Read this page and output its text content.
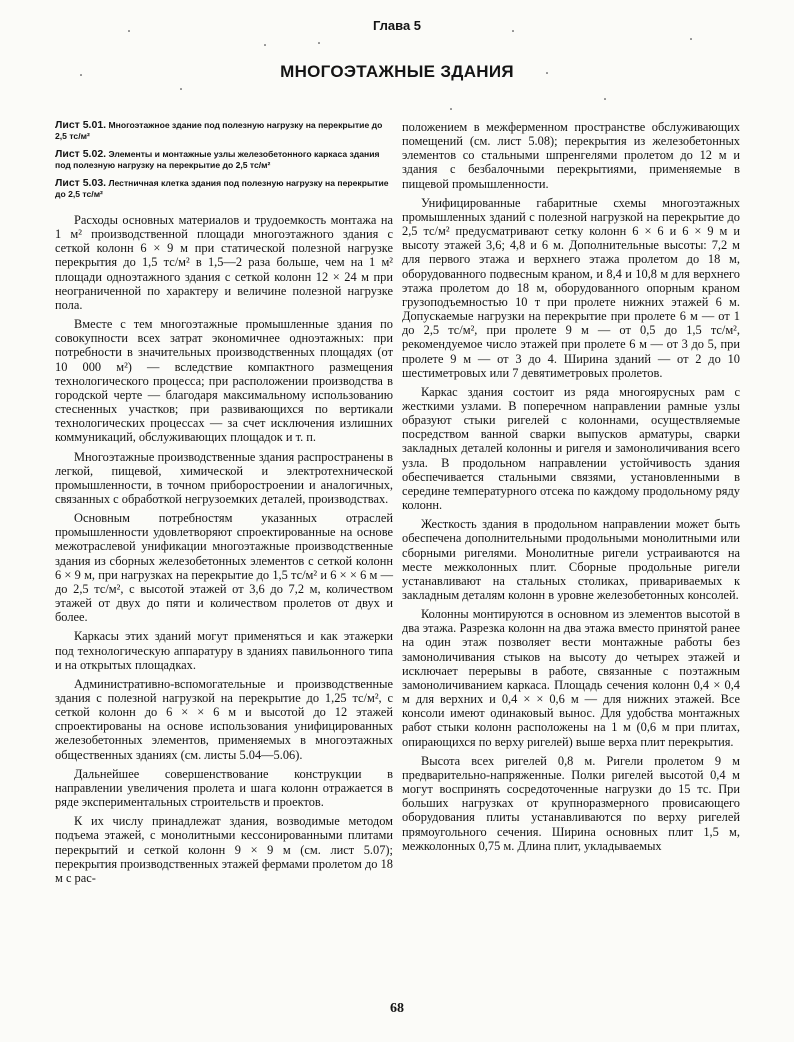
Глава 5
МНОГОЭТАЖНЫЕ ЗДАНИЯ
Лист 5.01. Многоэтажное здание под полезную нагрузку на перекрытие до 2,5 тс/м²
Лист 5.02. Элементы и монтажные узлы железобетонного каркаса здания под полезную нагрузку на перекрытие до 2,5 тс/м²
Лист 5.03. Лестничная клетка здания под полезную нагрузку на перекрытие до 2,5 тс/м²

Расходы основных материалов и трудоемкость монтажа на 1 м² производственной площади многоэтажного здания с сеткой колонн 6 × 9 м при статической полезной нагрузке перекрытия до 1,5 тс/м² в 1,5—2 раза больше, чем на 1 м² площади одноэтажного здания с сеткой колонн 12 × 24 м при неограниченной по характеру и величине полезной нагрузке пола.

Вместе с тем многоэтажные промышленные здания по совокупности всех затрат экономичнее одноэтажных: при потребности в значительных производственных площадях (от 10 000 м²) — вследствие компактного размещения технологического процесса; при расположении производства в городской черте — благодаря максимальному использованию стесненных участков; при развивающихся по вертикали технологических процессах — за счет исключения излишних коммуникаций, обслуживающих площадок и т. п.

Многоэтажные производственные здания распространены в легкой, пищевой, химической и электротехнической промышленности, в точном приборостроении и аналогичных, связанных с обработкой негрузоемких деталей, производствах.

Основным потребностям указанных отраслей промышленности удовлетворяют спроектированные на основе межотраслевой унификации многоэтажные производственные здания из сборных железобетонных элементов с сеткой колонн 6 × 9 м, при нагрузках на перекрытие до 1,5 тс/м² и 6 × × 6 м — до 2,5 тс/м², с высотой этажей от 3,6 до 7,2 м, количеством этажей от двух до пяти и количеством пролетов от двух и более.

Каркасы этих зданий могут применяться и как этажерки под технологическую аппаратуру в зданиях павильонного типа и на открытых площадках.

Административно-вспомогательные и производственные здания с полезной нагрузкой на перекрытие до 1,25 тс/м², с сеткой колонн до 6 × × 6 м и высотой до 12 этажей спроектированы на основе использования унифицированных железобетонных элементов, применяемых в многоэтажных общественных зданиях (см. листы 5.04—5.06).

Дальнейшее совершенствование конструкции в направлении увеличения пролета и шага колонн отражается в ряде экспериментальных строительств и проектов.

К их числу принадлежат здания, возводимые методом подъема этажей, с монолитными кессонированными плитами перекрытий и сеткой колонн 9 × 9 м (см. лист 5.07); перекрытия производственных этажей фермами пролетом до 18 м с рас-

положением в межферменном пространстве обслуживающих помещений (см. лист 5.08); перекрытия из железобетонных элементов со стальными шпренгелями пролетом до 12 м и здания с безбалочными перекрытиями, применяемые в пищевой промышленности.

Унифицированные габаритные схемы многоэтажных промышленных зданий с полезной нагрузкой на перекрытие до 2,5 тс/м² предусматривают сетку колонн 6 × 6 и 6 × 9 м и высоту этажей 3,6; 4,8 и 6 м. Дополнительные высоты: 7,2 м для первого этажа и верхнего этажа пролетом до 18 м, оборудованного подвесным краном, и 8,4 и 10,8 м для верхнего этажа пролетом до 18 м, оборудованного опорным краном грузоподъемностью 10 т при пролете нижних этажей 6 м. Допускаемые нагрузки на перекрытие при пролете 6 м — от 1 до 2,5 тс/м², при пролете 9 м — от 0,5 до 1,5 тс/м², рекомендуемое число этажей при пролете 6 м — от 3 до 5, при пролете 9 м — от 3 до 4. Ширина зданий — от 2 до 10 шестиметровых или 7 девятиметровых пролетов.

Каркас здания состоит из ряда многоярусных рам с жесткими узлами. В поперечном направлении рамные узлы образуют стыки ригелей с колоннами, осуществляемые посредством ванной сварки выпусков арматуры, сварки закладных деталей колонны и ригеля и замоноличивания всего узла. В продольном направлении устойчивость здания обеспечивается стальными связями, установленными в середине температурного отсека по каждому продольному ряду колонн.

Жесткость здания в продольном направлении может быть обеспечена дополнительными продольными монолитными или сборными ригелями. Монолитные ригели устраиваются на месте межколонных плит. Сборные продольные ригели устанавливают на стальных столиках, привариваемых к закладным деталям колонн в уровне железобетонных консолей.

Колонны монтируются в основном из элементов высотой в два этажа. Разрезка колонн на два этажа вместо принятой ранее на один этаж позволяет вести монтажные работы без замоноличивания стыков на высоту до четырех этажей и исключает перерывы в работе, связанные с поэтажным замоноличиванием каркаса. Площадь сечения колонн 0,4 × 0,4 м для верхних и 0,4 × × 0,6 м — для нижних этажей. Все консоли имеют одинаковый вынос. Для удобства монтажных работ стыки колонн расположены на 1 м (0,6 м при плитах, опирающихся по верху ригелей) выше верха плит перекрытия.

Высота всех ригелей 0,8 м. Ригели пролетом 9 м предварительно-напряженные. Полки ригелей высотой 0,4 м могут воспринять сосредоточенные нагрузки до 15 тс. При больших нагрузках от крупноразмерного провисающего оборудования плиты устанавливаются по верху ригелей прямоугольного сечения. Ширина основных плит 1,5 м, межколонных 0,75 м. Длина плит, укладываемых

68
